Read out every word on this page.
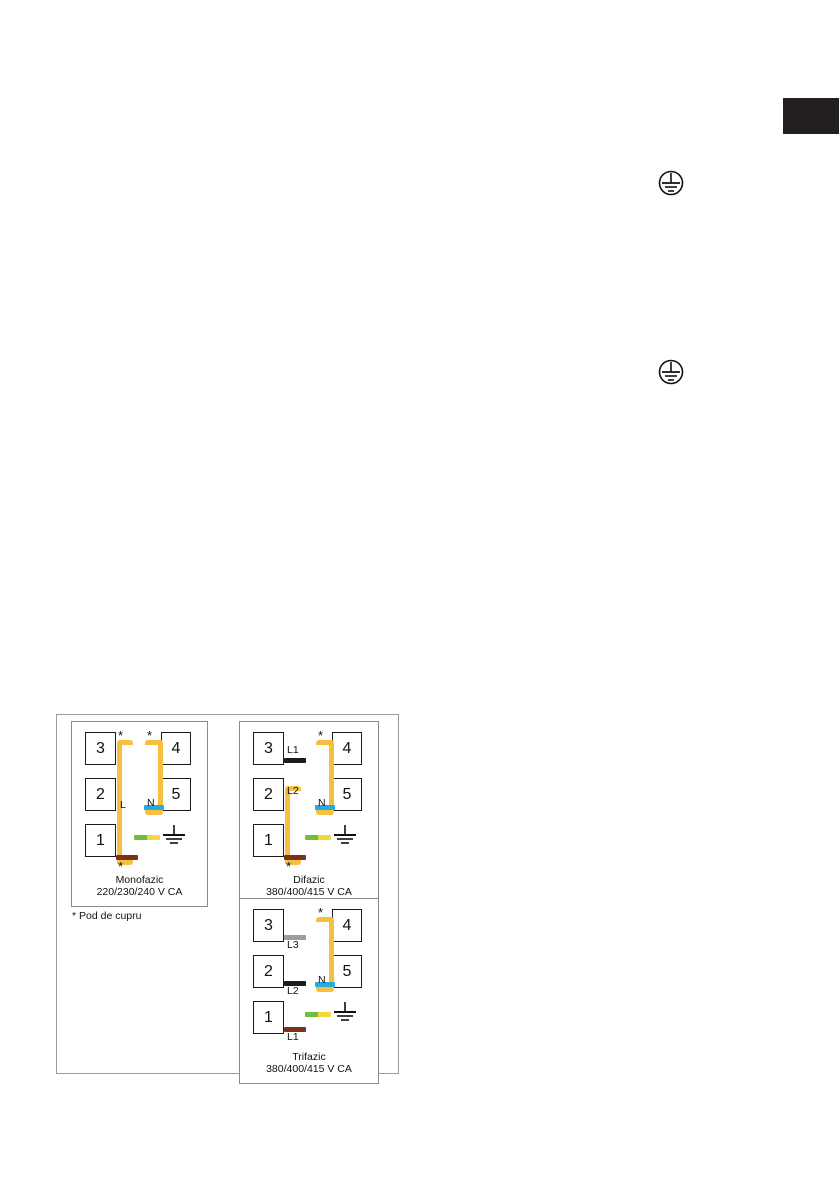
3
2
1
4
5
* *
L N
*
Monofazic
220/230/240 V CA
3
2
1
4
5
L1
L2
*
N
*
Difazic
380/400/415 V CA
3
2
1
4
5
L3
L2
L1
*
N
Trifazic
380/400/415 V CA
* Pod de cupru
